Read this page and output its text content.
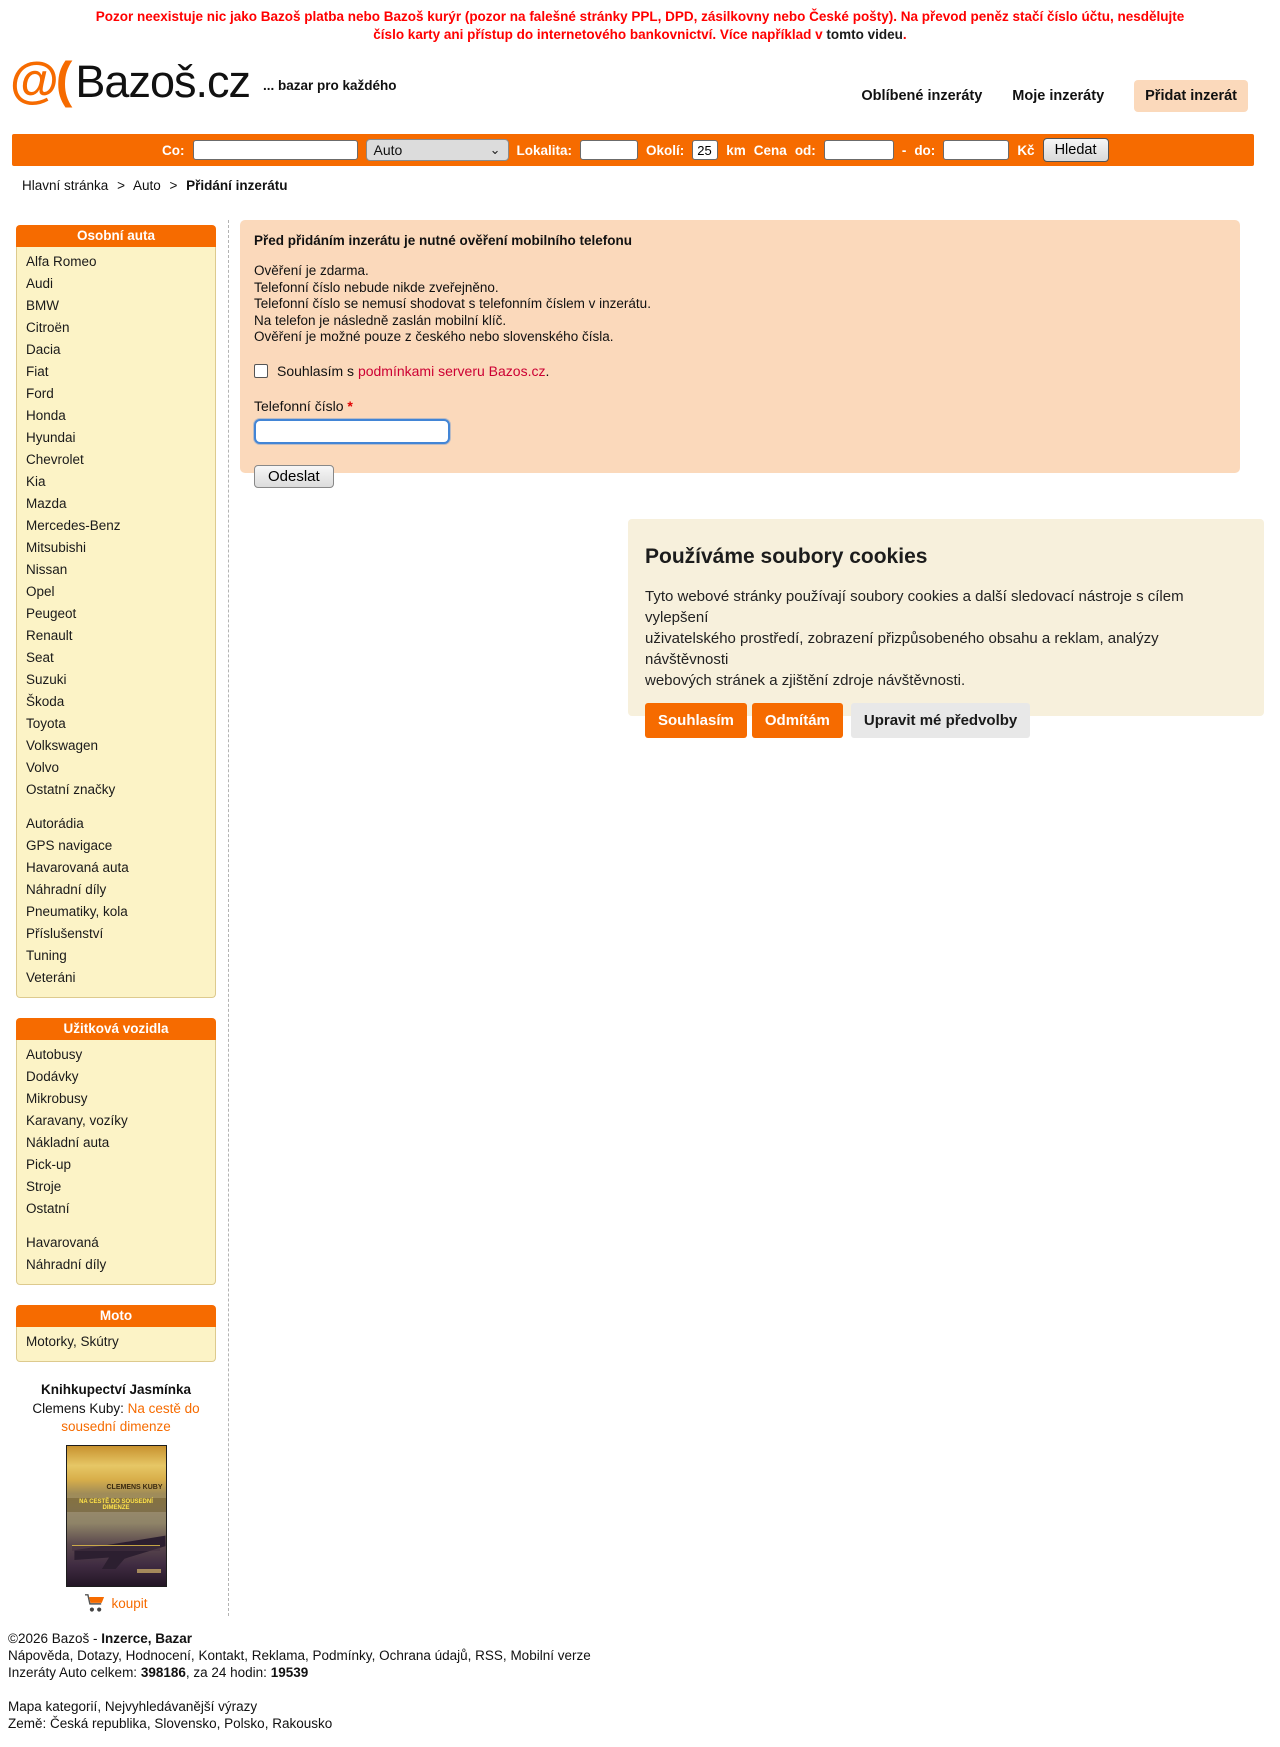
Pozor neexistuje nic jako Bazoš platba nebo Bazoš kurýr (pozor na falešné stránky PPL, DPD, zásilkovny nebo České pošty). Na převod peněz stačí číslo účtu, nesdělujte číslo karty ani přístup do internetového bankovnictví. Více například v tomto videu.
@( Bazoš.cz ... bazar pro každého
Oblíbené inzeráty Moje inzeráty	Přidat inzerát
Co:	Auto	⌄ Lokalita:	Okolí:
25	km Cena od:	- do:	Kč	Hledat
Hlavní stránka > Auto > Přidání inzerátu
Osobní auta
Alfa Romeo
Audi
BMW
Citroën
Dacia
Fiat
Ford
Honda
Hyundai
Chevrolet
Kia
Mazda
Mercedes-Benz
Mitsubishi
Nissan
Opel
Peugeot
Renault
Seat
Suzuki
Škoda
Toyota
Volkswagen
Volvo
Ostatní značky
Autorádia
GPS navigace
Havarovaná auta
Náhradní díly
Pneumatiky, kola
Příslušenství
Tuning
Veteráni
Užitková vozidla
Autobusy
Dodávky
Mikrobusy
Karavany, vozíky
Nákladní auta
Pick-up
Stroje
Ostatní
Havarovaná
Náhradní díly
Moto
Motorky, Skútry
Knihkupectví Jasmínka
Clemens Kuby: Na cestě do sousední dimenze
CLEMENS KUBY
NA CESTĚ DO SOUSEDNÍ DIMENZE
koupit
Před přidáním inzerátu je nutné ověření mobilního telefonu
Ověření je zdarma.
Telefonní číslo nebude nikde zveřejněno.
Telefonní číslo se nemusí shodovat s telefonním číslem v inzerátu.
Na telefon je následně zaslán mobilní klíč.
Ověření je možné pouze z českého nebo slovenského čísla.
Souhlasím s podmínkami serveru Bazos.cz.
Telefonní číslo *
Odeslat
Používáme soubory cookies
Tyto webové stránky používají soubory cookies a další sledovací nástroje s cílem vylepšení
uživatelského prostředí, zobrazení přizpůsobeného obsahu a reklam, analýzy návštěvnosti
webových stránek a zjištění zdroje návštěvnosti.
Souhlasím	Odmítám	Upravit mé předvolby
©2026 Bazoš - Inzerce, Bazar
Nápověda , Dotazy , Hodnocení , Kontakt , Reklama , Podmínky , Ochrana údajů , RSS , Mobilní verze
Inzeráty Auto celkem: 398186, za 24 hodin: 19539
Mapa kategorií , Nejvyhledávanější výrazy
Země: Česká republika , Slovensko , Polsko , Rakousko
